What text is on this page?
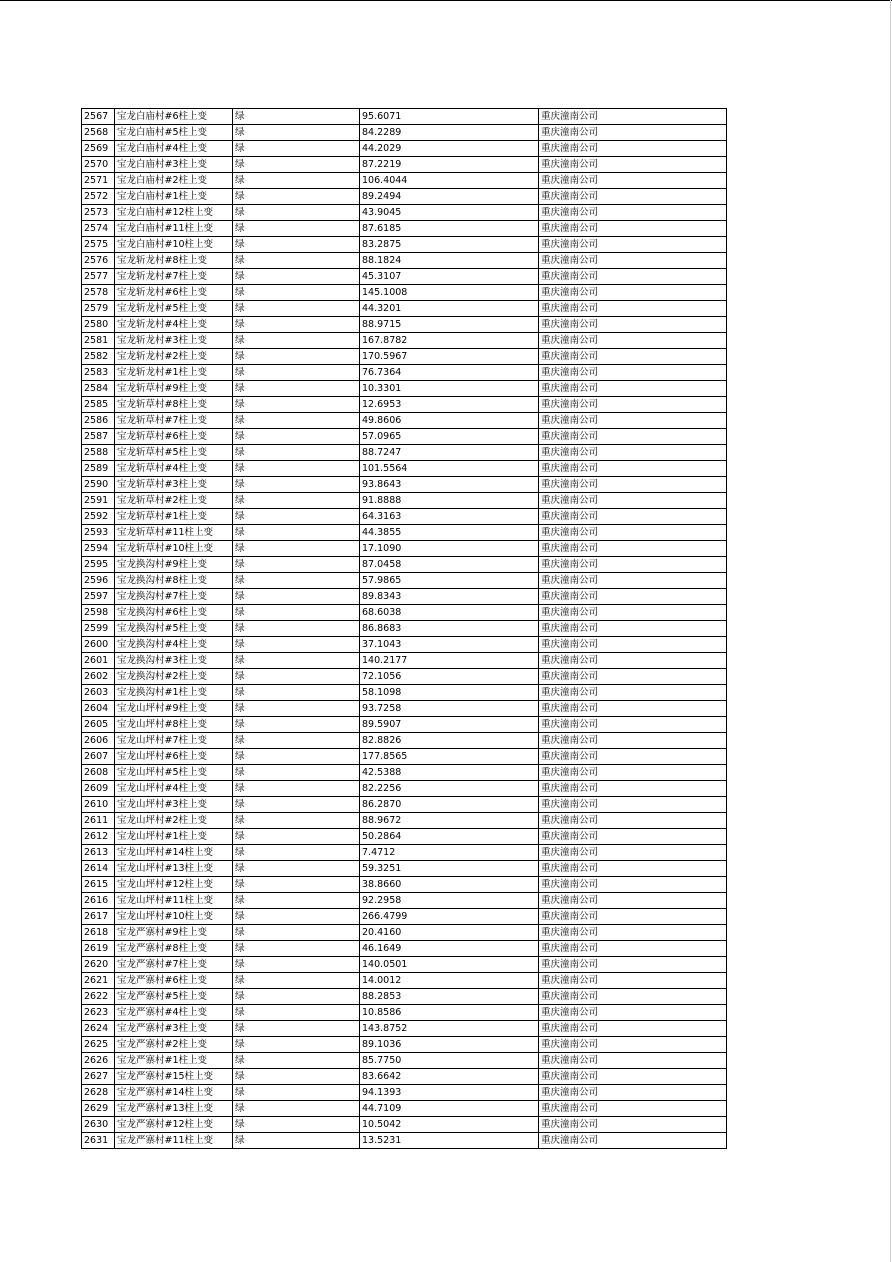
2567	宝龙白庙村#6柱上变	绿	95.6071	重庆潼南公司
2568	宝龙白庙村#5柱上变	绿	84.2289	重庆潼南公司
2569	宝龙白庙村#4柱上变	绿	44.2029	重庆潼南公司
2570	宝龙白庙村#3柱上变	绿	87.2219	重庆潼南公司
2571	宝龙白庙村#2柱上变	绿	106.4044	重庆潼南公司
2572	宝龙白庙村#1柱上变	绿	89.2494	重庆潼南公司
2573	宝龙白庙村#12柱上变	绿	43.9045	重庆潼南公司
2574	宝龙白庙村#11柱上变	绿	87.6185	重庆潼南公司
2575	宝龙白庙村#10柱上变	绿	83.2875	重庆潼南公司
2576	宝龙斩龙村#8柱上变	绿	88.1824	重庆潼南公司
2577	宝龙斩龙村#7柱上变	绿	45.3107	重庆潼南公司
2578	宝龙斩龙村#6柱上变	绿	145.1008	重庆潼南公司
2579	宝龙斩龙村#5柱上变	绿	44.3201	重庆潼南公司
2580	宝龙斩龙村#4柱上变	绿	88.9715	重庆潼南公司
2581	宝龙斩龙村#3柱上变	绿	167.8782	重庆潼南公司
2582	宝龙斩龙村#2柱上变	绿	170.5967	重庆潼南公司
2583	宝龙斩龙村#1柱上变	绿	76.7364	重庆潼南公司
2584	宝龙斩草村#9柱上变	绿	10.3301	重庆潼南公司
2585	宝龙斩草村#8柱上变	绿	12.6953	重庆潼南公司
2586	宝龙斩草村#7柱上变	绿	49.8606	重庆潼南公司
2587	宝龙斩草村#6柱上变	绿	57.0965	重庆潼南公司
2588	宝龙斩草村#5柱上变	绿	88.7247	重庆潼南公司
2589	宝龙斩草村#4柱上变	绿	101.5564	重庆潼南公司
2590	宝龙斩草村#3柱上变	绿	93.8643	重庆潼南公司
2591	宝龙斩草村#2柱上变	绿	91.8888	重庆潼南公司
2592	宝龙斩草村#1柱上变	绿	64.3163	重庆潼南公司
2593	宝龙斩草村#11柱上变	绿	44.3855	重庆潼南公司
2594	宝龙斩草村#10柱上变	绿	17.1090	重庆潼南公司
2595	宝龙换沟村#9柱上变	绿	87.0458	重庆潼南公司
2596	宝龙换沟村#8柱上变	绿	57.9865	重庆潼南公司
2597	宝龙换沟村#7柱上变	绿	89.8343	重庆潼南公司
2598	宝龙换沟村#6柱上变	绿	68.6038	重庆潼南公司
2599	宝龙换沟村#5柱上变	绿	86.8683	重庆潼南公司
2600	宝龙换沟村#4柱上变	绿	37.1043	重庆潼南公司
2601	宝龙换沟村#3柱上变	绿	140.2177	重庆潼南公司
2602	宝龙换沟村#2柱上变	绿	72.1056	重庆潼南公司
2603	宝龙换沟村#1柱上变	绿	58.1098	重庆潼南公司
2604	宝龙山坪村#9柱上变	绿	93.7258	重庆潼南公司
2605	宝龙山坪村#8柱上变	绿	89.5907	重庆潼南公司
2606	宝龙山坪村#7柱上变	绿	82.8826	重庆潼南公司
2607	宝龙山坪村#6柱上变	绿	177.8565	重庆潼南公司
2608	宝龙山坪村#5柱上变	绿	42.5388	重庆潼南公司
2609	宝龙山坪村#4柱上变	绿	82.2256	重庆潼南公司
2610	宝龙山坪村#3柱上变	绿	86.2870	重庆潼南公司
2611	宝龙山坪村#2柱上变	绿	88.9672	重庆潼南公司
2612	宝龙山坪村#1柱上变	绿	50.2864	重庆潼南公司
2613	宝龙山坪村#14柱上变	绿	7.4712	重庆潼南公司
2614	宝龙山坪村#13柱上变	绿	59.3251	重庆潼南公司
2615	宝龙山坪村#12柱上变	绿	38.8660	重庆潼南公司
2616	宝龙山坪村#11柱上变	绿	92.2958	重庆潼南公司
2617	宝龙山坪村#10柱上变	绿	266.4799	重庆潼南公司
2618	宝龙严寨村#9柱上变	绿	20.4160	重庆潼南公司
2619	宝龙严寨村#8柱上变	绿	46.1649	重庆潼南公司
2620	宝龙严寨村#7柱上变	绿	140.0501	重庆潼南公司
2621	宝龙严寨村#6柱上变	绿	14.0012	重庆潼南公司
2622	宝龙严寨村#5柱上变	绿	88.2853	重庆潼南公司
2623	宝龙严寨村#4柱上变	绿	10.8586	重庆潼南公司
2624	宝龙严寨村#3柱上变	绿	143.8752	重庆潼南公司
2625	宝龙严寨村#2柱上变	绿	89.1036	重庆潼南公司
2626	宝龙严寨村#1柱上变	绿	85.7750	重庆潼南公司
2627	宝龙严寨村#15柱上变	绿	83.6642	重庆潼南公司
2628	宝龙严寨村#14柱上变	绿	94.1393	重庆潼南公司
2629	宝龙严寨村#13柱上变	绿	44.7109	重庆潼南公司
2630	宝龙严寨村#12柱上变	绿	10.5042	重庆潼南公司
2631	宝龙严寨村#11柱上变	绿	13.5231	重庆潼南公司
